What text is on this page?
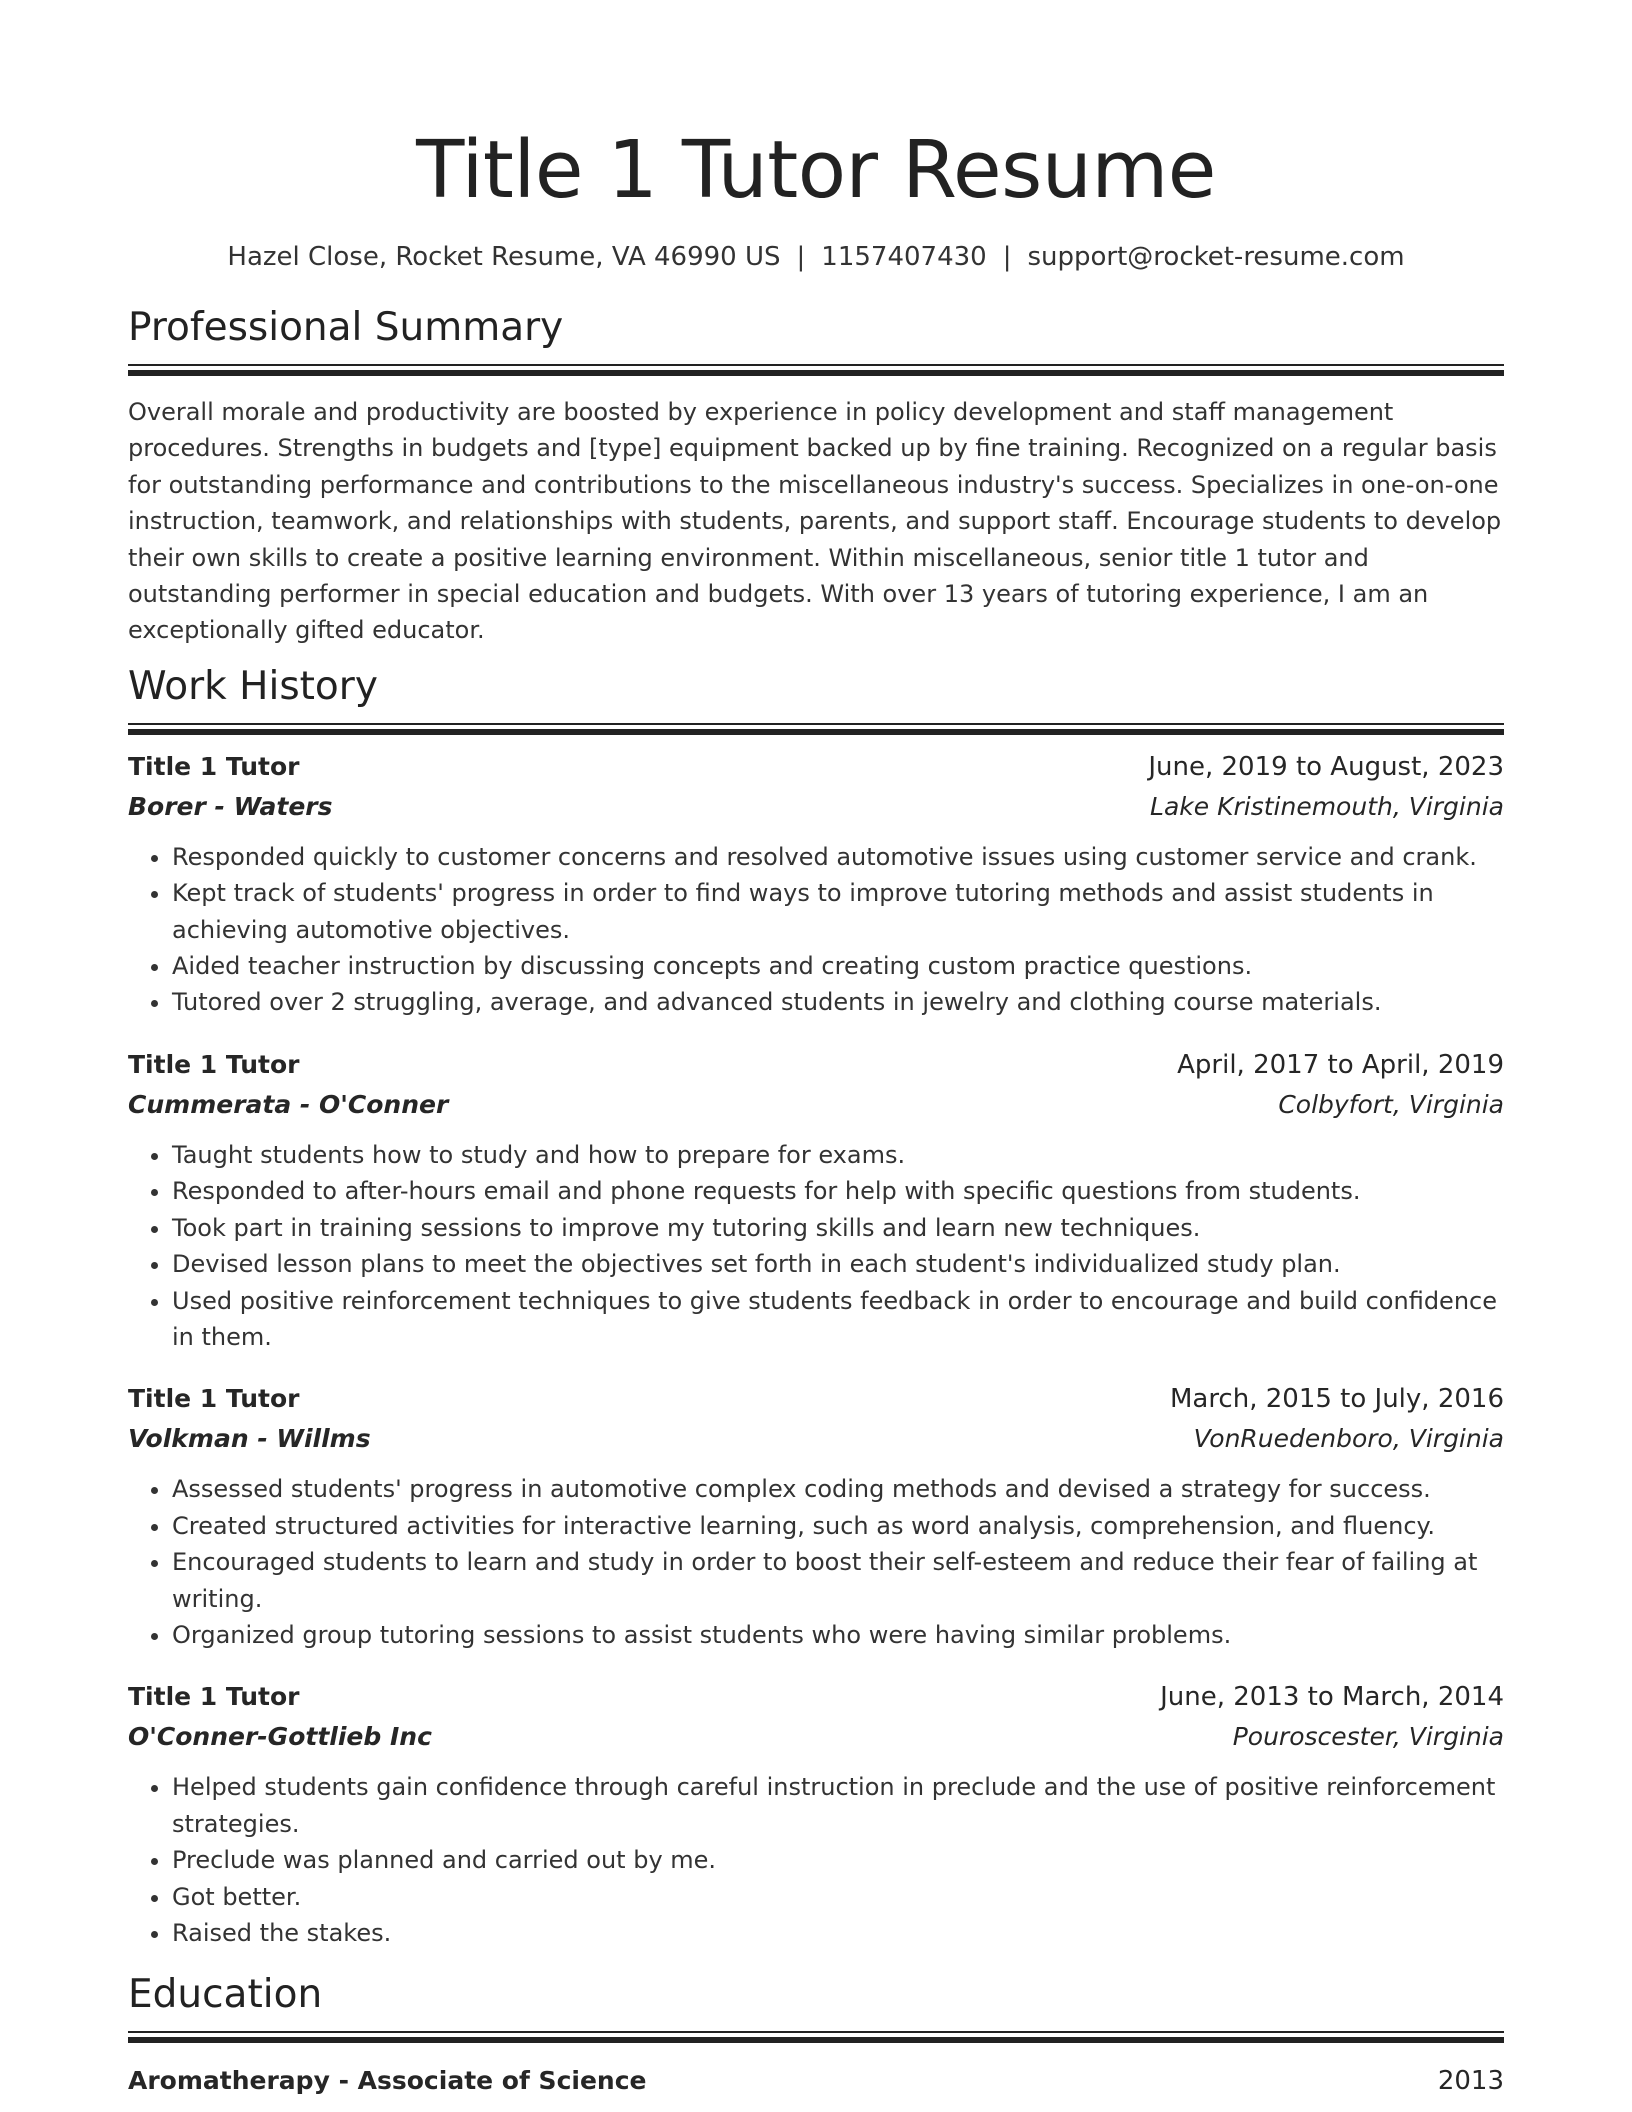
Title 1 Tutor Resume
Hazel Close, Rocket Resume, VA 46990 US | 1157407430 | support@rocket-resume.com
Professional Summary

Overall morale and productivity are boosted by experience in policy development and staff management procedures. Strengths in budgets and [type] equipment backed up by fine training. Recognized on a regular basis for outstanding performance and contributions to the miscellaneous industry's success. Specializes in one-on-one instruction, teamwork, and relationships with students, parents, and support staff. Encourage students to develop their own skills to create a positive learning environment. Within miscellaneous, senior title 1 tutor and outstanding performer in special education and budgets. With over 13 years of tutoring experience, I am an exceptionally gifted educator.

Work History
Title 1 Tutor	June, 2019 to August, 2023
Borer - Waters	Lake Kristinemouth, Virginia
• Responded quickly to customer concerns and resolved automotive issues using customer service and crank.
• Kept track of students' progress in order to find ways to improve tutoring methods and assist students in achieving automotive objectives.
• Aided teacher instruction by discussing concepts and creating custom practice questions.
• Tutored over 2 struggling, average, and advanced students in jewelry and clothing course materials.
Title 1 Tutor	April, 2017 to April, 2019
Cummerata - O'Conner	Colbyfort, Virginia
• Taught students how to study and how to prepare for exams.
• Responded to after-hours email and phone requests for help with specific questions from students.
• Took part in training sessions to improve my tutoring skills and learn new techniques.
• Devised lesson plans to meet the objectives set forth in each student's individualized study plan.
• Used positive reinforcement techniques to give students feedback in order to encourage and build confidence in them.
Title 1 Tutor	March, 2015 to July, 2016
Volkman - Willms	VonRuedenboro, Virginia
• Assessed students' progress in automotive complex coding methods and devised a strategy for success.
• Created structured activities for interactive learning, such as word analysis, comprehension, and fluency.
• Encouraged students to learn and study in order to boost their self-esteem and reduce their fear of failing at writing.
• Organized group tutoring sessions to assist students who were having similar problems.
Title 1 Tutor	June, 2013 to March, 2014
O'Conner-Gottlieb Inc	Pouroscester, Virginia
• Helped students gain confidence through careful instruction in preclude and the use of positive reinforcement strategies.
• Preclude was planned and carried out by me.
• Got better.
• Raised the stakes.
Education
Aromatherapy - Associate of Science	2013
